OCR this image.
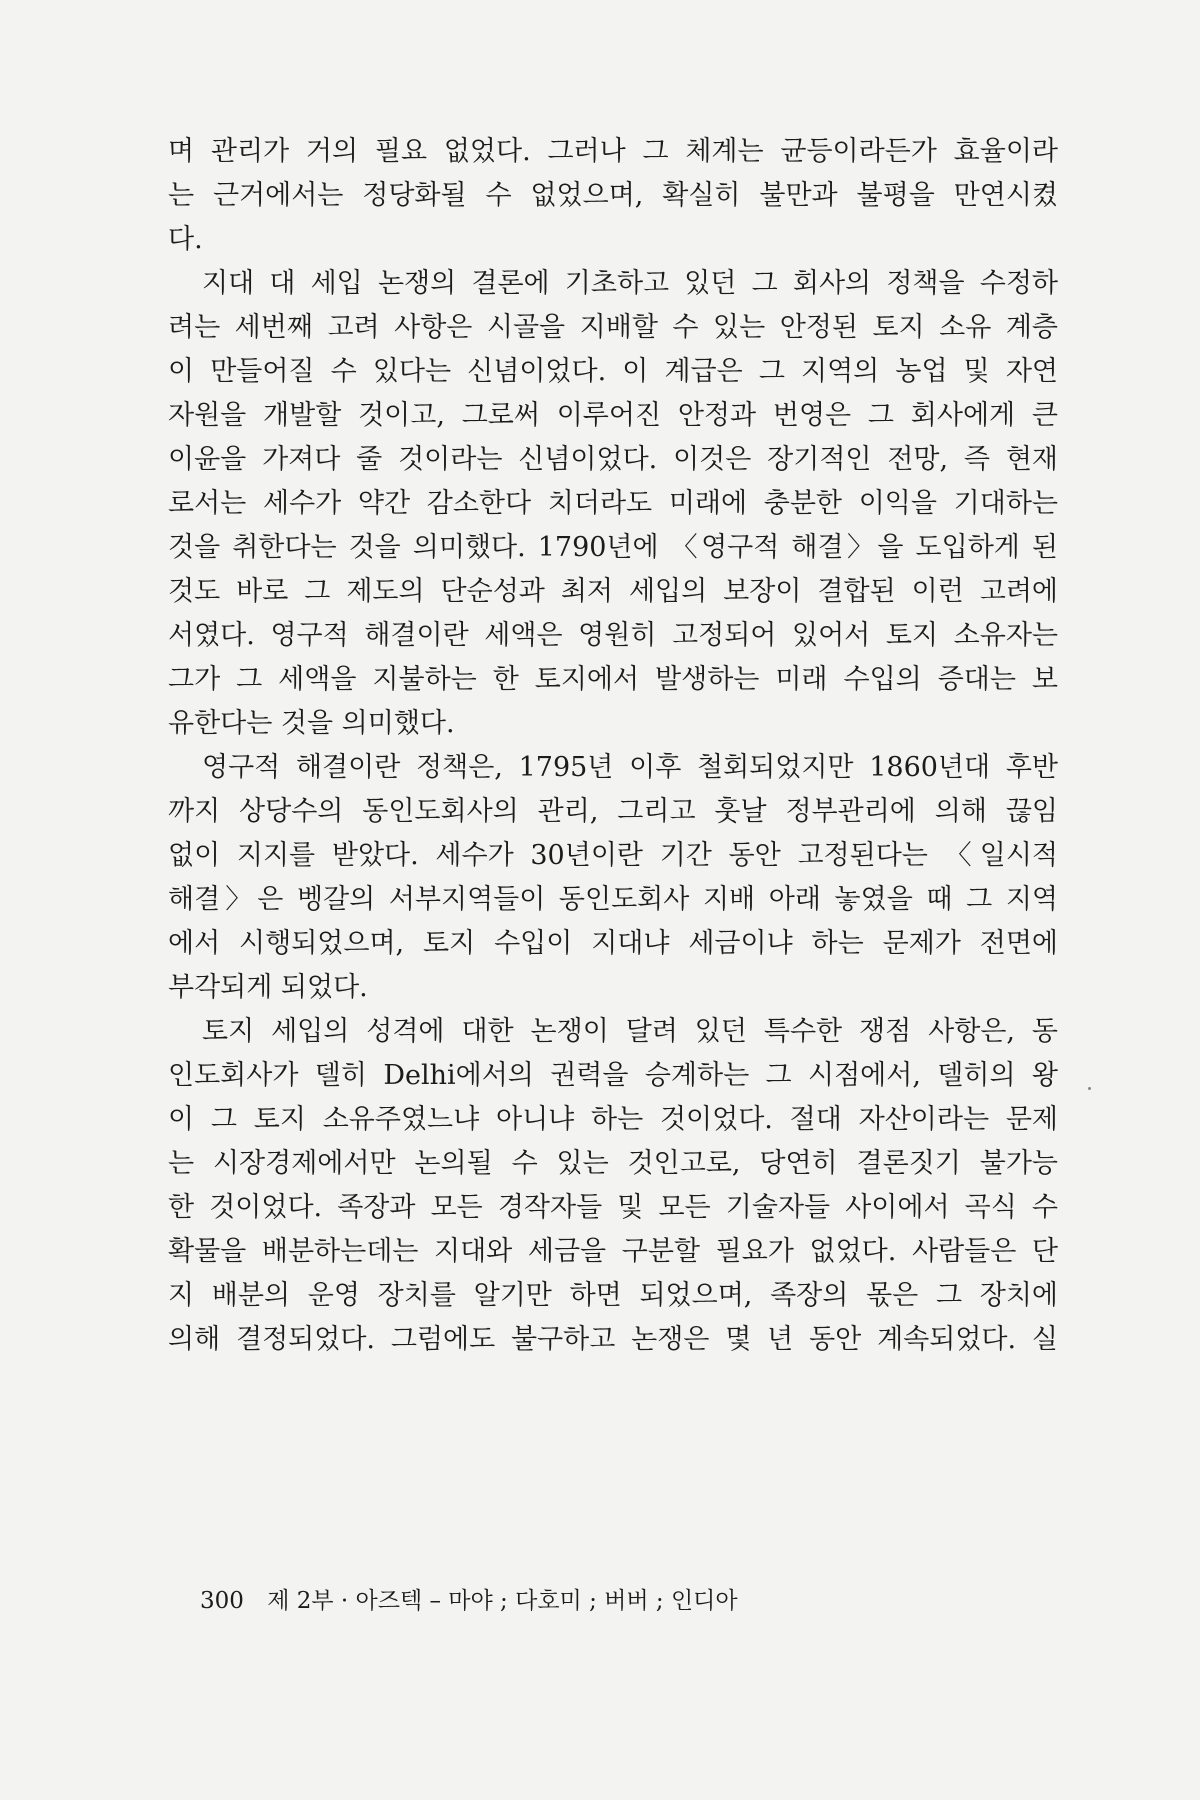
며 관리가 거의 필요 없었다. 그러나 그 체계는 균등이라든가 효율이라
는 근거에서는 정당화될 수 없었으며, 확실히 불만과 불평을 만연시켰
다.
지대 대 세입 논쟁의 결론에 기초하고 있던 그 회사의 정책을 수정하
려는 세번째 고려 사항은 시골을 지배할 수 있는 안정된 토지 소유 계층
이 만들어질 수 있다는 신념이었다. 이 계급은 그 지역의 농업 및 자연
자원을 개발할 것이고, 그로써 이루어진 안정과 번영은 그 회사에게 큰
이윤을 가져다 줄 것이라는 신념이었다. 이것은 장기적인 전망, 즉 현재
로서는 세수가 약간 감소한다 치더라도 미래에 충분한 이익을 기대하는
것을 취한다는 것을 의미했다. 1790년에 〈영구적 해결〉을 도입하게 된
것도 바로 그 제도의 단순성과 최저 세입의 보장이 결합된 이런 고려에
서였다. 영구적 해결이란 세액은 영원히 고정되어 있어서 토지 소유자는
그가 그 세액을 지불하는 한 토지에서 발생하는 미래 수입의 증대는 보
유한다는 것을 의미했다.
영구적 해결이란 정책은, 1795년 이후 철회되었지만 1860년대 후반
까지 상당수의 동인도회사의 관리, 그리고 훗날 정부관리에 의해 끊임
없이 지지를 받았다. 세수가 30년이란 기간 동안 고정된다는 〈일시적
해결〉은 벵갈의 서부지역들이 동인도회사 지배 아래 놓였을 때 그 지역
에서 시행되었으며, 토지 수입이 지대냐 세금이냐 하는 문제가 전면에
부각되게 되었다.
토지 세입의 성격에 대한 논쟁이 달려 있던 특수한 쟁점 사항은, 동
인도회사가 델히 Delhi에서의 권력을 승계하는 그 시점에서, 델히의 왕
이 그 토지 소유주였느냐 아니냐 하는 것이었다. 절대 자산이라는 문제
는 시장경제에서만 논의될 수 있는 것인고로, 당연히 결론짓기 불가능
한 것이었다. 족장과 모든 경작자들 및 모든 기술자들 사이에서 곡식 수
확물을 배분하는데는 지대와 세금을 구분할 필요가 없었다. 사람들은 단
지 배분의 운영 장치를 알기만 하면 되었으며, 족장의 몫은 그 장치에
의해 결정되었다. 그럼에도 불구하고 논쟁은 몇 년 동안 계속되었다. 실
300 제 2부 · 아즈텍 – 마야 ; 다호미 ; 버버 ; 인디아
